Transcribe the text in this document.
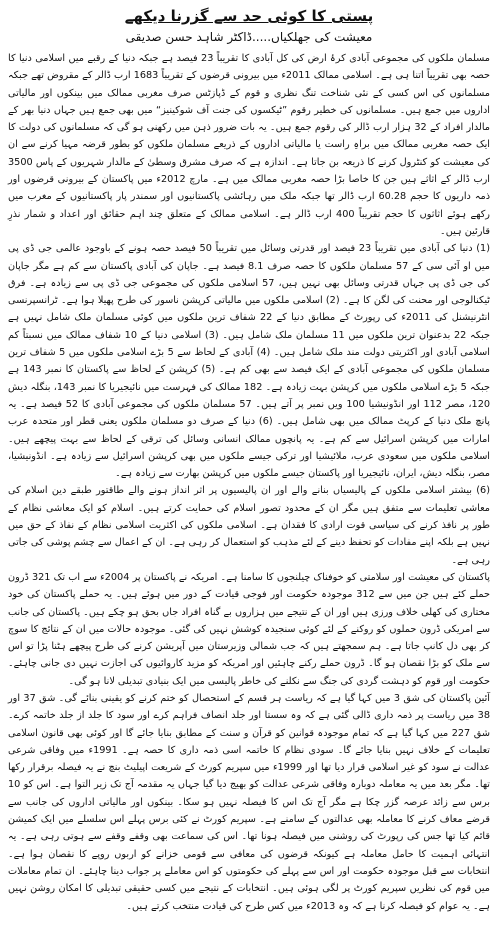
پستی کا کوئی حد سے گزرنا دیکھے

معیشت کی جھلکیاں.....ڈاکٹر شاہد حسن صدیقی

مسلمان ملکوں کی مجموعی آبادی کرۂ ارض کی کل آبادی کا تقریباً 23 فیصد ہے جبکہ دنیا کے رقبے میں اسلامی دنیا کا حصہ بھی تقریباً اتنا ہی ہے۔ اسلامی ممالک 2011ء میں بیرونی قرضوں کے تقریباً 1683 ارب ڈالر کے مقروض تھے جبکہ مسلمانوں کی اس کسی کے نئی شناخت تنگ نظری و قوم کے ڈپازٹس صرف مغربی ممالک میں بینکوں اور مالیاتی اداروں میں جمع ہیں۔ مسلمانوں کی خطیر رقوم ”ٹیکسوں کی جنت آف شوکینیز“ میں بھی جمع ہیں جہاں دنیا بھر کے مالدار افراد کے 32 ہزار ارب ڈالر کی رقوم جمع ہیں۔ یہ بات ضرور ذہن میں رکھنی ہو گی کہ مسلمانوں کی دولت کا ایک حصہ مغربی ممالک میں براہِ راست یا مالیاتی اداروں کے ذریعے مسلمان ملکوں کو بطور قرضہ مہیا کرنے سے ان کی معیشت کو کنٹرول کرنے کا ذریعہ بن جاتا ہے۔ اندازہ ہے کہ صرف مشرق وسطیٰ کے مالدار شہریوں کے پاس 3500 ارب ڈالر کے اثاثے ہیں جن کا خاصا بڑا حصہ مغربی ممالک میں ہے۔ مارچ 2012ء میں پاکستان کے بیرونی قرضوں اور ذمہ داریوں کا حجم 60.28 ارب ڈالر تھا جبکہ ملک میں رہائشی پاکستانیوں اور سمندر پار پاکستانیوں کے مغرب میں رکھے ہوئے اثاثوں کا حجم تقریباً 400 ارب ڈالر ہے۔ اسلامی ممالک کے متعلق چند اہم حقائق اور اعداد و شمار نذرِ قارئین ہیں۔

(1) دنیا کی آبادی میں تقریباً 23 فیصد اور قدرتی وسائل میں تقریباً 50 فیصد حصہ ہونے کے باوجود عالمی جی ڈی پی میں او آئی سی کے 57 مسلمان ملکوں کا حصہ صرف 8.1 فیصد ہے۔ جاپان کی آبادی پاکستان سے کم ہے مگر جاپان کی جی ڈی پی جہاں قدرتی وسائل بھی نہیں ہیں، 57 اسلامی ملکوں کی مجموعی جی ڈی پی سے زیادہ ہے۔ فرق ٹیکنالوجی اور محنت کی لگن کا ہے۔ (2) اسلامی ملکوں میں مالیاتی کرپشن ناسور کی طرح پھیلا ہوا ہے۔ ٹرانسپرنسی انٹرنیشنل کی 2011ء کی رپورٹ کے مطابق دنیا کے 22 شفاف ترین ملکوں میں کوئی مسلمان ملک شامل نہیں ہے جبکہ 22 بدعنوان ترین ملکوں میں 11 مسلمان ملک شامل ہیں۔ (3) اسلامی دنیا کے 10 شفاف ممالک میں نسبتاً کم اسلامی آبادی اور اکثریتی دولت مند ملک شامل ہیں۔ (4) آبادی کے لحاظ سے 5 بڑے اسلامی ملکوں میں 5 شفاف ترین مسلمان ملکوں کی مجموعی آبادی کے ایک فیصد سے بھی کم ہے۔ (5) کرپشن کے لحاظ سے پاکستان کا نمبر 143 ہے جبکہ 5 بڑے اسلامی ملکوں میں کرپشن بہت زیادہ ہے۔ 182 ممالک کی فہرست میں نائیجیریا کا نمبر 143، بنگلہ دیش 120، مصر 112 اور انڈونیشیا 100 ویں نمبر پر آتے ہیں۔ 57 مسلمان ملکوں کی مجموعی آبادی کا 52 فیصد ہے۔ یہ پانچ ملک دنیا کے کرپٹ ممالک میں بھی شامل ہیں۔ (6) دنیا کے صرف دو مسلمان ملکوں یعنی قطر اور متحدہ عرب امارات میں کرپشن اسرائیل سے کم ہے۔ یہ پانچوں ممالک انسانی وسائل کی ترقی کے لحاظ سے بہت پیچھے ہیں۔ اسلامی ملکوں میں سعودی عرب، ملائیشیا اور ترکی جیسے ملکوں میں بھی کرپشن اسرائیل سے زیادہ ہے۔ انڈونیشیا، مصر، بنگلہ دیش، ایران، نائیجیریا اور پاکستان جیسے ملکوں میں کرپشن بھارت سے زیادہ ہے۔

(6) بیشتر اسلامی ملکوں کے پالیسیاں بنانے والے اور ان پالیسیوں پر اثر انداز ہونے والے طاقتور طبقے دین اسلام کی معاشی تعلیمات سے متفق ہیں مگر ان کے محدود تصور اسلام کی حمایت کرتے ہیں۔ اسلام کو ایک معاشی نظام کے طور پر نافذ کرنے کی سیاسی قوت ارادی کا فقدان ہے۔ اسلامی ملکوں کی اکثریت اسلامی نظام کے نفاذ کے حق میں نہیں ہے بلکہ اپنے مفادات کو تحفظ دینے کے لئے مذہب کو استعمال کر رہی ہے۔ ان کے اعمال سے چشم پوشی کی جاتی رہی ہے۔

پاکستان کی معیشت اور سلامتی کو خوفناک چیلنجوں کا سامنا ہے۔ امریکہ نے پاکستان پر 2004ء سے اب تک 321 ڈرون حملے کئے ہیں جن میں سے 312 موجودہ حکومت اور فوجی قیادت کے دور میں ہوئے ہیں۔ یہ حملے پاکستان کی خود مختاری کی کھلی خلاف ورزی ہیں اور ان کے نتیجے میں ہزاروں بے گناہ افراد جاں بحق ہو چکے ہیں۔ پاکستان کی جانب سے امریکی ڈرون حملوں کو روکنے کے لئے کوئی سنجیدہ کوشش نہیں کی گئی۔ موجودہ حالات میں ان کے نتائج کا سوچ کر بھی دل کانپ جاتا ہے۔ ہم سمجھتے ہیں کہ جب شمالی وزیرستان میں آپریشن کرنے کی طرح پیچھے ہٹنا پڑا تو اس سے ملک کو بڑا نقصان ہو گا۔ ڈرون حملے رکنے چاہئیں اور امریکہ کو مزید کاروائیوں کی اجازت نہیں دی جانی چاہئے۔ حکومت اور قوم کو دہشت گردی کی جنگ سے نکلنے کی خاطر پالیسی میں ایک بنیادی تبدیلی لانا ہو گی۔

آئین پاکستان کی شق 3 میں کہا گیا ہے کہ ریاست ہر قسم کے استحصال کو ختم کرنے کو یقینی بنائے گی۔ شق 37 اور 38 میں ریاست پر ذمہ داری ڈالی گئی ہے کہ وہ سستا اور جلد انصاف فراہم کرے اور سود کا جلد از جلد خاتمہ کرے۔ شق 227 میں کہا گیا ہے کہ تمام موجودہ قوانین کو قرآن و سنت کے مطابق بنایا جائے گا اور کوئی بھی قانون اسلامی تعلیمات کے خلاف نہیں بنایا جائے گا۔ سودی نظام کا خاتمہ اسی ذمہ داری کا حصہ ہے۔ 1991ء میں وفاقی شرعی عدالت نے سود کو غیر اسلامی قرار دیا تھا اور 1999ء میں سپریم کورٹ کے شریعت اپیلیٹ بنچ نے یہ فیصلہ برقرار رکھا تھا۔ مگر بعد میں یہ معاملہ دوبارہ وفاقی شرعی عدالت کو بھیج دیا گیا جہاں یہ مقدمہ آج تک زیر التوا ہے۔ اس کو 10 برس سے زائد عرصہ گزر چکا ہے مگر آج تک اس کا فیصلہ نہیں ہو سکا۔ بینکوں اور مالیاتی اداروں کی جانب سے قرضے معاف کرنے کا معاملہ بھی عدالتوں کے سامنے ہے۔ سپریم کورٹ نے کئی برس پہلے اس سلسلے میں ایک کمیشن قائم کیا تھا جس کی رپورٹ کی روشنی میں فیصلہ ہونا تھا۔ اس کی سماعت بھی وقفے وقفے سے ہوتی رہی ہے۔ یہ انتہائی اہمیت کا حامل معاملہ ہے کیونکہ قرضوں کی معافی سے قومی خزانے کو اربوں روپے کا نقصان ہوا ہے۔ انتخابات سے قبل موجودہ حکومت اور اس سے پہلے کی حکومتوں کو اس معاملے پر جواب دینا چاہئے۔ ان تمام معاملات میں قوم کی نظریں سپریم کورٹ پر لگی ہوئی ہیں۔ انتخابات کے نتیجے میں کسی حقیقی تبدیلی کا امکان روشن نہیں ہے۔ یہ عوام کو فیصلہ کرنا ہے کہ وہ 2013ء میں کس طرح کی قیادت منتخب کرتے ہیں۔
